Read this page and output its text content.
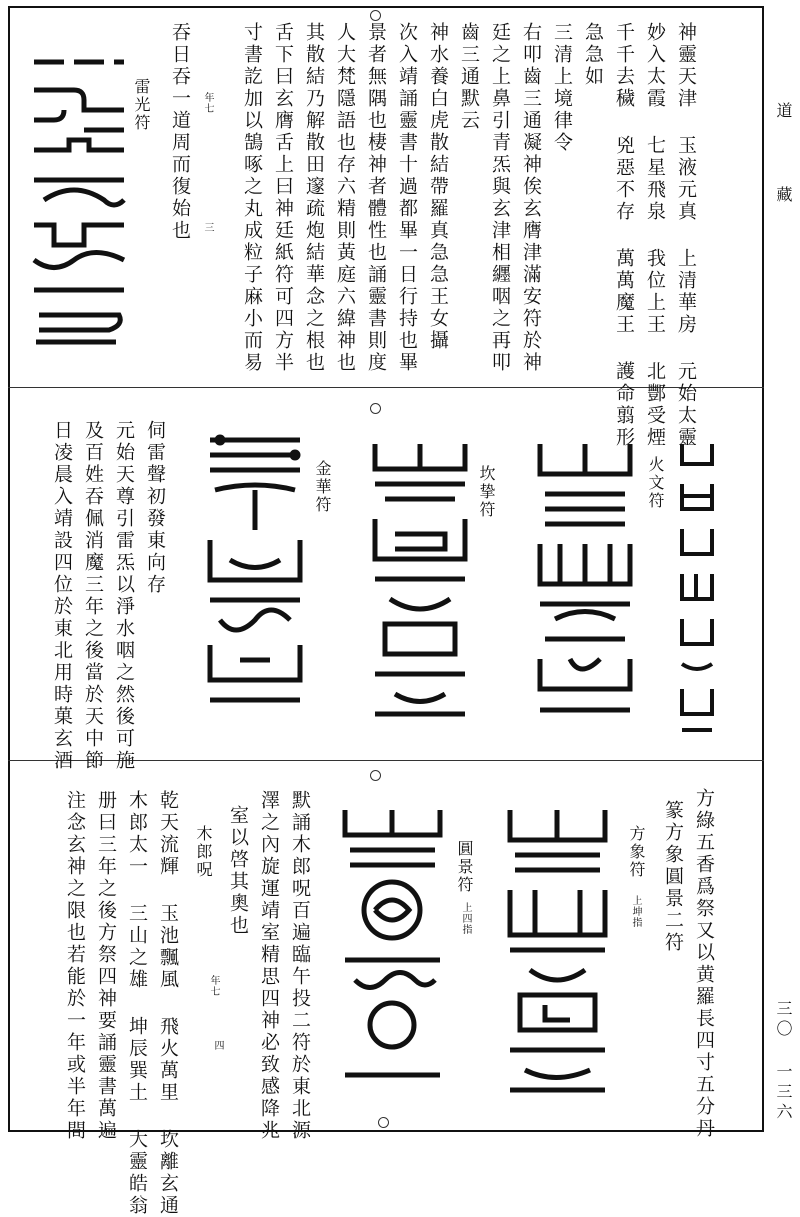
道
藏
三〇 一三六
神靈天津 玉液元真 上清華房 元始太靈
妙入太霞 七星飛泉 我位上王 北酆受煙
千千去穢 兇惡不存 萬萬魔王 護命翦形
急急如
三清上境律令
右叩齒三通凝神俟玄膺津滿安符於神
廷之上鼻引青炁與玄津相纒咽之再叩
齒三通默云
神水養白虎散結帶羅真急急王女攝
次入靖誦靈書十過都畢一日行持也畢
景者無隅也棲神者體性也誦靈書則度
人大梵隱語也存六精則黃庭六緯神也
其散結乃解散田邃疏炮結華念之根也
舌下曰玄膺舌上曰神廷紙符可四方半
寸書訖加以鵠啄之丸成粒子麻小而易
吞日吞一道周而復始也
雷光符	年七
三
火文符
坎挚符
金華符
伺雷聲初發東向存
元始天尊引雷炁以淨水咽之然後可施
及百姓吞佩消魔三年之後當於天中節
日凌晨入靖設四位於東北用時菓玄酒
方綠五香爲祭又以黄羅長四寸五分丹
篆方象圓景二符
方象符
上坤指
圓景符
上四指
默誦木郎呪百遍臨午投二符於東北源
澤之內旋運靖室精思四神必致感降兆
室以啓其奧也
木郎呪
乾天流輝 玉池飄風 飛火萬里 坎離玄通
木郎太一 三山之雄 坤辰巽土 大靈皓翁
册曰三年之後方祭四神要誦靈書萬遍
注念玄神之限也若能於一年或半年間	年七
四
